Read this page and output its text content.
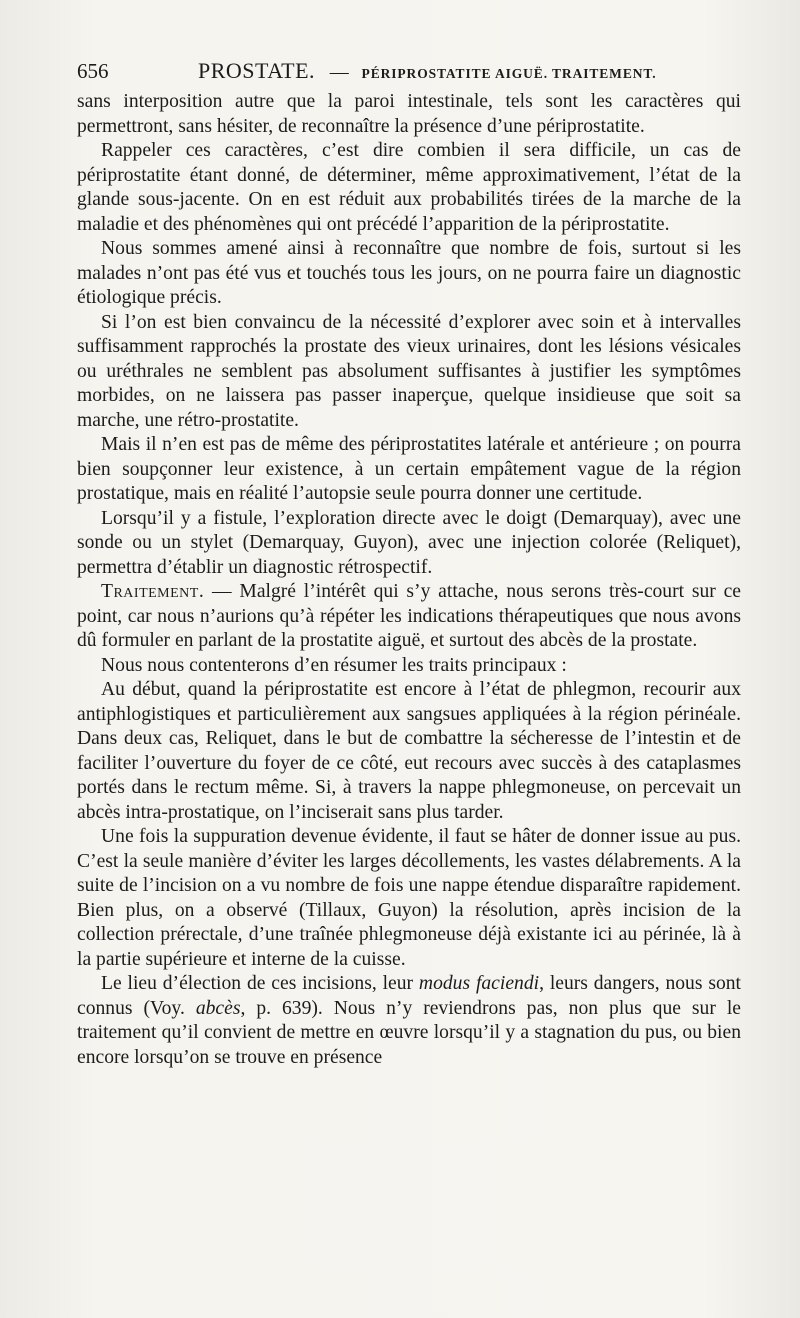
656	PROSTATE. — PÉRIPROSTATITE AIGUË. TRAITEMENT.

sans interposition autre que la paroi intestinale, tels sont les caractères qui permettront, sans hésiter, de reconnaître la présence d’une périprostatite.

Rappeler ces caractères, c’est dire combien il sera difficile, un cas de périprostatite étant donné, de déterminer, même approximativement, l’état de la glande sous-jacente. On en est réduit aux probabilités tirées de la marche de la maladie et des phénomènes qui ont précédé l’apparition de la périprostatite.

Nous sommes amené ainsi à reconnaître que nombre de fois, surtout si les malades n’ont pas été vus et touchés tous les jours, on ne pourra faire un diagnostic étiologique précis.

Si l’on est bien convaincu de la nécessité d’explorer avec soin et à intervalles suffisamment rapprochés la prostate des vieux urinaires, dont les lésions vésicales ou uréthrales ne semblent pas absolument suffisantes à justifier les symptômes morbides, on ne laissera pas passer inaperçue, quelque insidieuse que soit sa marche, une rétro-prostatite.

Mais il n’en est pas de même des périprostatites latérale et antérieure ; on pourra bien soupçonner leur existence, à un certain empâtement vague de la région prostatique, mais en réalité l’autopsie seule pourra donner une certitude.

Lorsqu’il y a fistule, l’exploration directe avec le doigt (Demarquay), avec une sonde ou un stylet (Demarquay, Guyon), avec une injection colorée (Reliquet), permettra d’établir un diagnostic rétrospectif.

Traitement. — Malgré l’intérêt qui s’y attache, nous serons très-court sur ce point, car nous n’aurions qu’à répéter les indications thérapeutiques que nous avons dû formuler en parlant de la prostatite aiguë, et surtout des abcès de la prostate.

Nous nous contenterons d’en résumer les traits principaux :

Au début, quand la périprostatite est encore à l’état de phlegmon, recourir aux antiphlogistiques et particulièrement aux sangsues appliquées à la région périnéale. Dans deux cas, Reliquet, dans le but de combattre la sécheresse de l’intestin et de faciliter l’ouverture du foyer de ce côté, eut recours avec succès à des cataplasmes portés dans le rectum même. Si, à travers la nappe phlegmoneuse, on percevait un abcès intra-prostatique, on l’inciserait sans plus tarder.

Une fois la suppuration devenue évidente, il faut se hâter de donner issue au pus. C’est la seule manière d’éviter les larges décollements, les vastes délabrements. A la suite de l’incision on a vu nombre de fois une nappe étendue disparaître rapidement. Bien plus, on a observé (Tillaux, Guyon) la résolution, après incision de la collection prérectale, d’une traînée phlegmoneuse déjà existante ici au périnée, là à la partie supérieure et interne de la cuisse.

Le lieu d’élection de ces incisions, leur modus faciendi, leurs dangers, nous sont connus (Voy. abcès, p. 639). Nous n’y reviendrons pas, non plus que sur le traitement qu’il convient de mettre en œuvre lorsqu’il y a stagnation du pus, ou bien encore lorsqu’on se trouve en présence
